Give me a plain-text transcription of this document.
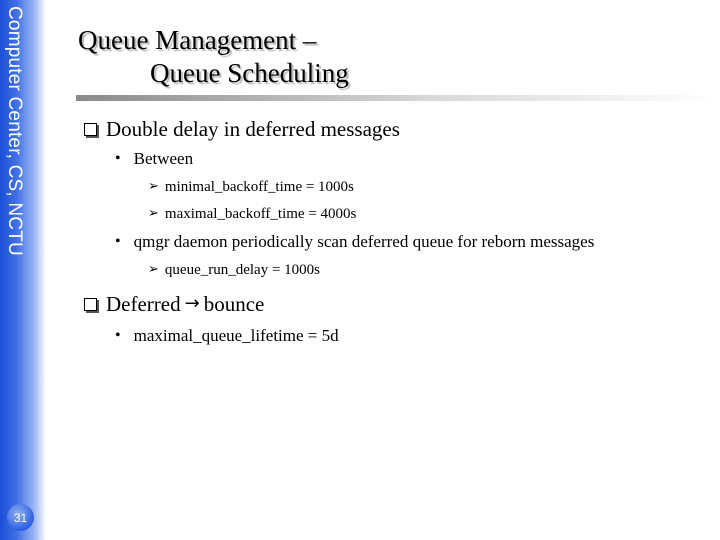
Computer Center, CS, NCTU
31
Queue Management –
Queue Scheduling
Double delay in deferred messages
• Between
➢ minimal_backoff_time = 1000s
➢ maximal_backoff_time = 4000s
• qmgr daemon periodically scan deferred queue for reborn messages
➢ queue_run_delay = 1000s
Deferred → bounce
• maximal_queue_lifetime = 5d
